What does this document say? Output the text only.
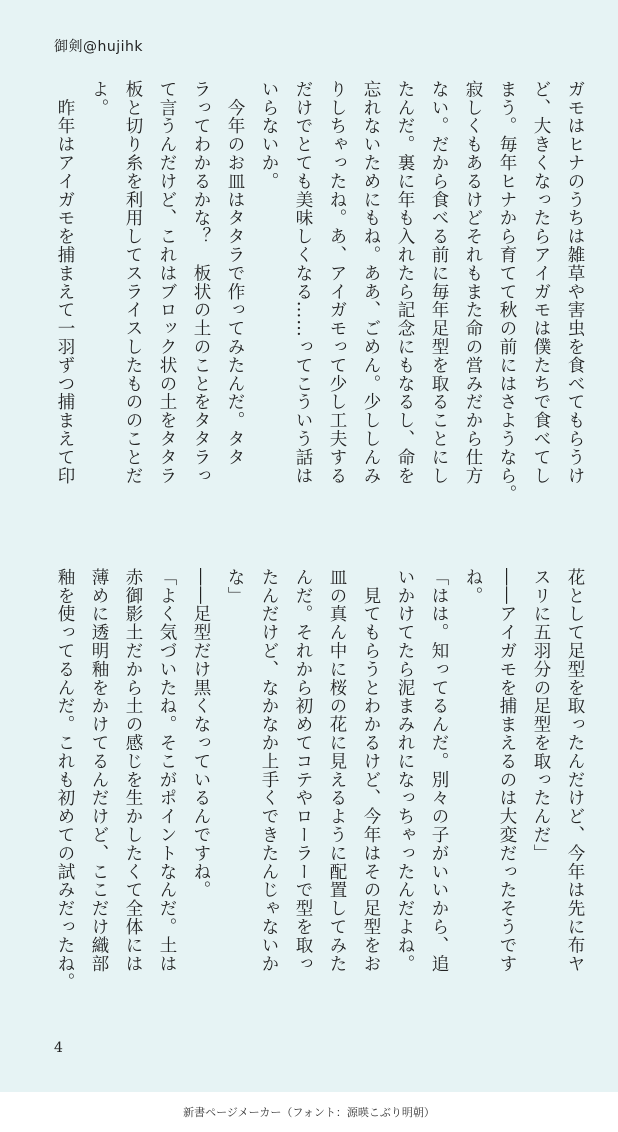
御剣@hujihk
ガモはヒナのうちは雑草や害虫を食べてもらうけ
ど、大きくなったらアイガモは僕たちで食べてし
まう。毎年ヒナから育てて秋の前にはさようなら。
寂しくもあるけどそれもまた命の営みだから仕方
ない。だから食べる前に毎年足型を取ることにし
たんだ。裏に年も入れたら記念にもなるし、命を
忘れないためにもね。ああ、ごめん。少ししんみ
りしちゃったね。あ、アイガモって少し工夫する
だけでとても美味しくなる……ってこういう話は
いらないか。
　今年のお皿はタタラで作ってみたんだ。タタ
ラってわかるかな？　板状の土のことをタタラっ
て言うんだけど、これはブロック状の土をタタラ
板と切り糸を利用してスライスしたもののことだ
よ。
　昨年はアイガモを捕まえて一羽ずつ捕まえて印
花として足型を取ったんだけど、今年は先に布ヤ
スリに五羽分の足型を取ったんだ」
――アイガモを捕まえるのは大変だったそうです
ね。
「はは。知ってるんだ。別々の子がいいから、追
いかけてたら泥まみれになっちゃったんだよね。
　見てもらうとわかるけど、今年はその足型をお
皿の真ん中に桜の花に見えるように配置してみた
んだ。それから初めてコテやローラーで型を取っ
たんだけど、なかなか上手くできたんじゃないか
な」
――足型だけ黒くなっているんですね。
「よく気づいたね。そこがポイントなんだ。土は
赤御影土だから土の感じを生かしたくて全体には
薄めに透明釉をかけてるんだけど、ここだけ織部
釉を使ってるんだ。これも初めての試みだったね。
4
新書ページメーカー（フォント：源暎こぶり明朝）
